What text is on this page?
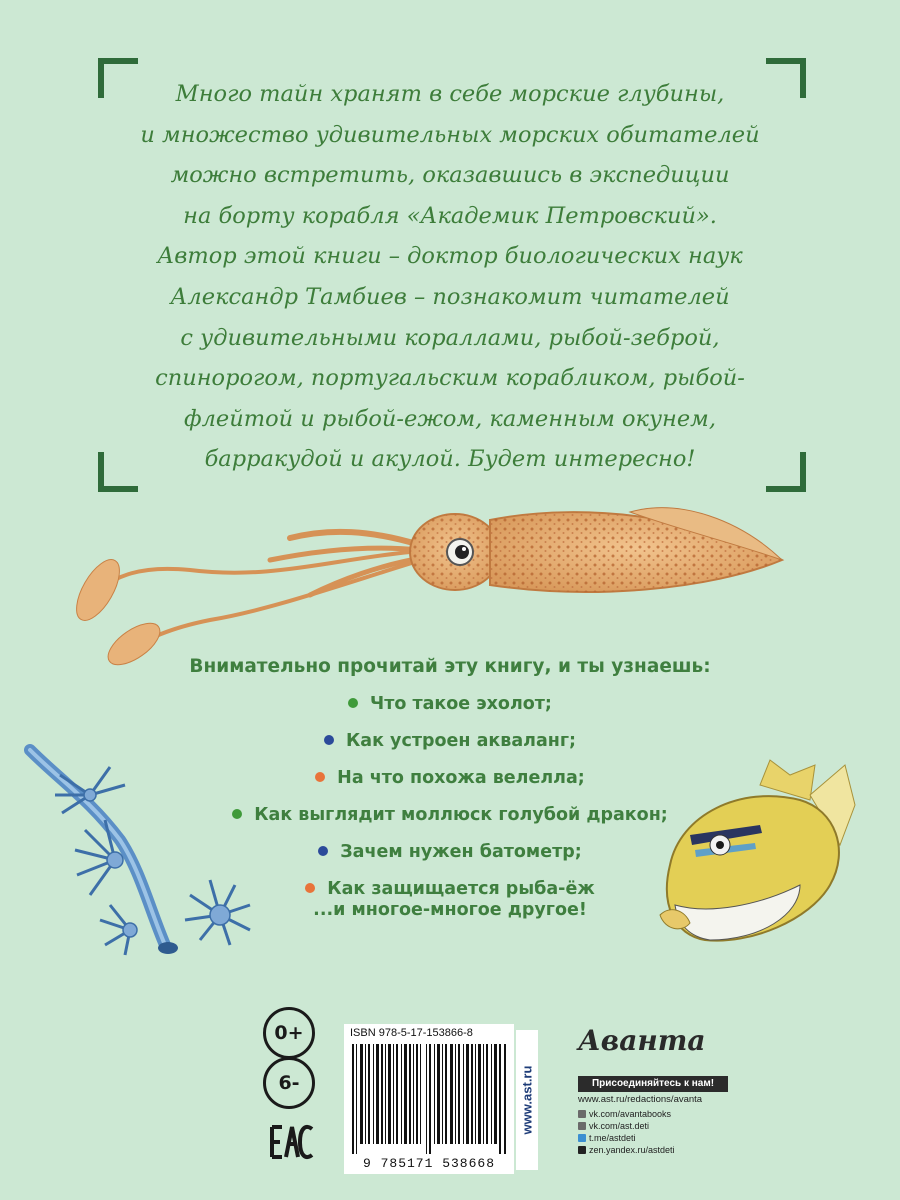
Много тайн хранят в себе морские глубины,
и множество удивительных морских обитателей
можно встретить, оказавшись в экспедиции
на борту корабля «Академик Петровский».
Автор этой книги – доктор биологических наук
Александр Тамбиев – познакомит читателей
с удивительными кораллами, рыбой-зеброй,
спинорогом, португальским корабликом, рыбой-
флейтой и рыбой-ежом, каменным окунем,
барракудой и акулой. Будет интересно!

Внимательно прочитай эту книгу, и ты узнаешь:
Что такое эхолот;
Как устроен акваланг;
На что похожа велелла;
Как выглядит моллюск голубой дракон;
Зачем нужен батометр;
Как защищается рыба-ёж
...и многое-многое другое!
0+
6-
ISBN 978-5-17-153866-8
9 785171 538668
www.ast.ru
Аванта
Присоединяйтесь к нам!
www.ast.ru/redactions/avanta
vk.com/avantabooks
vk.com/ast.deti
t.me/astdeti
zen.yandex.ru/astdeti
